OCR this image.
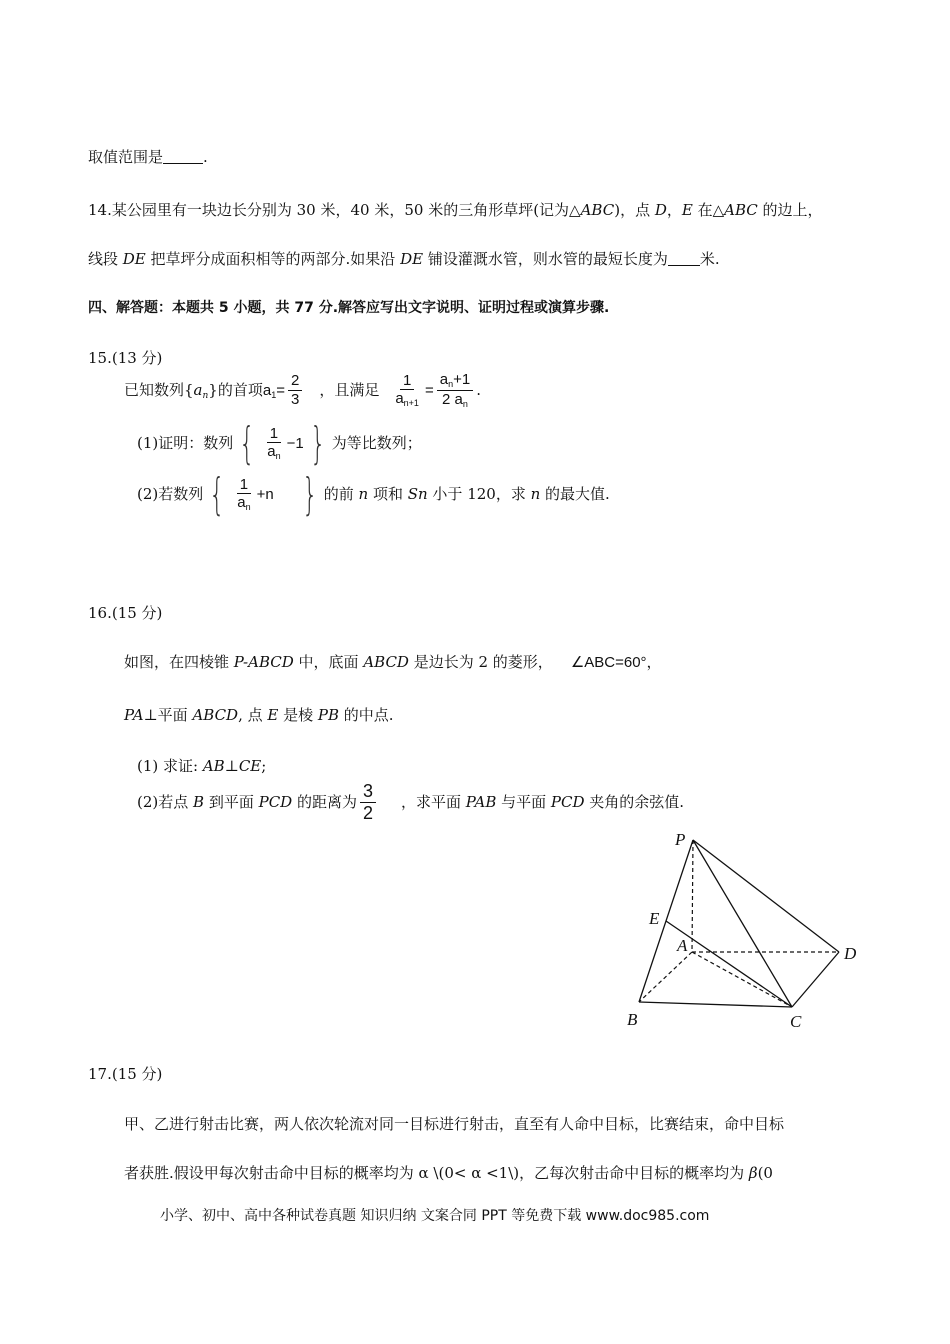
取值范围是	.
14.某公园里有一块边长分别为 30 米，40 米，50 米的三角形草坪(记为△ABC)，点 D，E 在△ABC 的边上，
线段 DE 把草坪分成面积相等的两部分.如果沿 DE 铺设灌溉水管，则水管的最短长度为 米.
四、解答题：本题共 5 小题，共 77 分.解答应写出文字说明、证明过程或演算步骤.
15.(13 分)
已知数列$\{a_n\}$的首项$a_1= \frac{2}{3}$ ，且满足 $\frac{1}{a_{n+1}} = \frac{a_n+1}{2 a_n}$ .
(1)证明：数列 { $\frac{1}{a_n} -1$ } 为等比数列；
(2)若数列 { $\frac{1}{a_n} +n$ } 的前 n 项和 Sn 小于 120，求 n 的最大值.
16.(15 分)
如图，在四棱锥 P-ABCD 中，底面 ABCD 是边长为 2 的菱形， ∠ABC=60°，
PA⊥平面 ABCD, 点 E 是棱 PB 的中点.
(1) 求证: AB⊥CE;
(2)若点 B 到平面 PCD 的距离为 $\frac{3}{2}$ ，求平面 PAB 与平面 PCD 夹角的余弦值.
P
E
A	D
B	C
17.(15 分)
甲、乙进行射击比赛，两人依次轮流对同一目标进行射击，直至有人命中目标，比赛结束，命中目标
者获胜.假设甲每次射击命中目标的概率均为 α \(0< α <1\)，乙每次射击命中目标的概率均为 β(0
小学、初中、高中各种试卷真题 知识归纳 文案合同 PPT 等免费下载 www.doc985.com
